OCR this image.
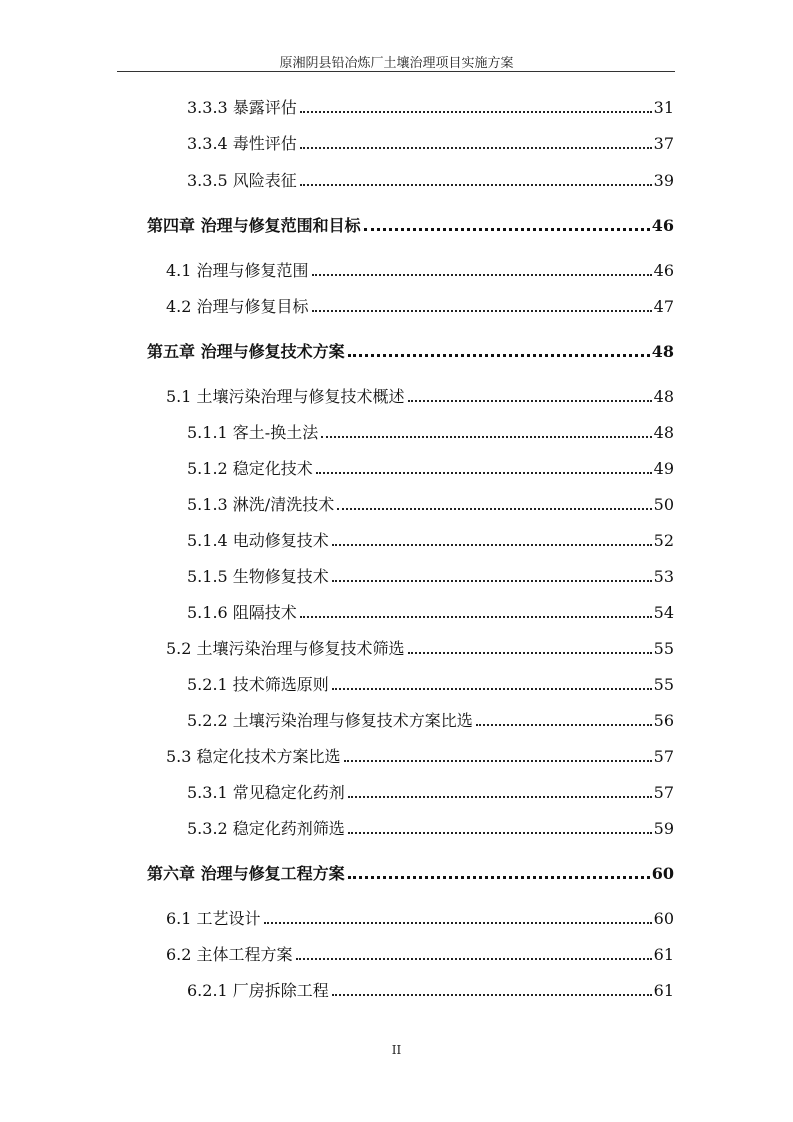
原湘阴县铅冶炼厂土壤治理项目实施方案
3.3.3 暴露评估	31
3.3.4 毒性评估	37
3.3.5 风险表征	39
第四章 治理与修复范围和目标	46
4.1 治理与修复范围	46
4.2 治理与修复目标	47
第五章 治理与修复技术方案	48
5.1 土壤污染治理与修复技术概述	48
5.1.1 客土-换土法	48
5.1.2 稳定化技术	49
5.1.3 淋洗/清洗技术	50
5.1.4 电动修复技术	52
5.1.5 生物修复技术	53
5.1.6 阻隔技术	54
5.2 土壤污染治理与修复技术筛选	55
5.2.1 技术筛选原则	55
5.2.2 土壤污染治理与修复技术方案比选	56
5.3 稳定化技术方案比选	57
5.3.1 常见稳定化药剂	57
5.3.2 稳定化药剂筛选	59
第六章 治理与修复工程方案	60
6.1 工艺设计	60
6.2 主体工程方案	61
6.2.1 厂房拆除工程	61
II
